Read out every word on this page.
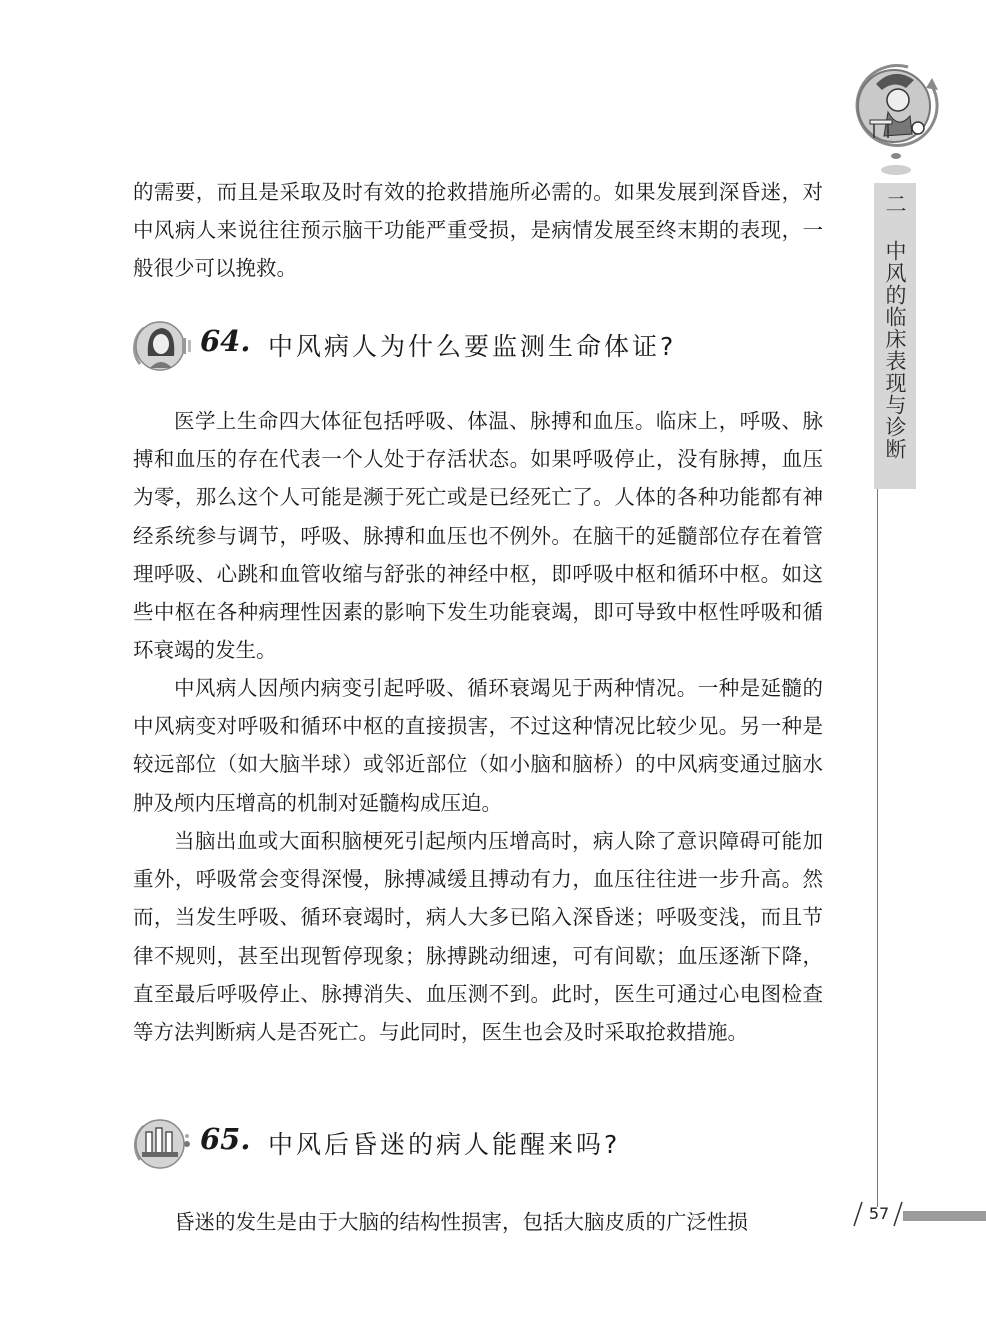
二 中风的临床表现与诊断
57

的需要，而且是采取及时有效的抢救措施所必需的。如果发展到深昏迷，对中风病人来说往往预示脑干功能严重受损，是病情发展至终末期的表现，一般很少可以挽救。

64. 中风病人为什么要监测生命体证?

医学上生命四大体征包括呼吸、体温、脉搏和血压。临床上，呼吸、脉搏和血压的存在代表一个人处于存活状态。如果呼吸停止，没有脉搏，血压为零，那么这个人可能是濒于死亡或是已经死亡了。人体的各种功能都有神经系统参与调节，呼吸、脉搏和血压也不例外。在脑干的延髓部位存在着管理呼吸、心跳和血管收缩与舒张的神经中枢，即呼吸中枢和循环中枢。如这些中枢在各种病理性因素的影响下发生功能衰竭，即可导致中枢性呼吸和循环衰竭的发生。

中风病人因颅内病变引起呼吸、循环衰竭见于两种情况。一种是延髓的中风病变对呼吸和循环中枢的直接损害，不过这种情况比较少见。另一种是较远部位（如大脑半球）或邻近部位（如小脑和脑桥）的中风病变通过脑水肿及颅内压增高的机制对延髓构成压迫。

当脑出血或大面积脑梗死引起颅内压增高时，病人除了意识障碍可能加重外，呼吸常会变得深慢，脉搏减缓且搏动有力，血压往往进一步升高。然而，当发生呼吸、循环衰竭时，病人大多已陷入深昏迷；呼吸变浅，而且节律不规则，甚至出现暂停现象；脉搏跳动细速，可有间歇；血压逐渐下降，直至最后呼吸停止、脉搏消失、血压测不到。此时，医生可通过心电图检查等方法判断病人是否死亡。与此同时，医生也会及时采取抢救措施。

65. 中风后昏迷的病人能醒来吗?

昏迷的发生是由于大脑的结构性损害，包括大脑皮质的广泛性损
